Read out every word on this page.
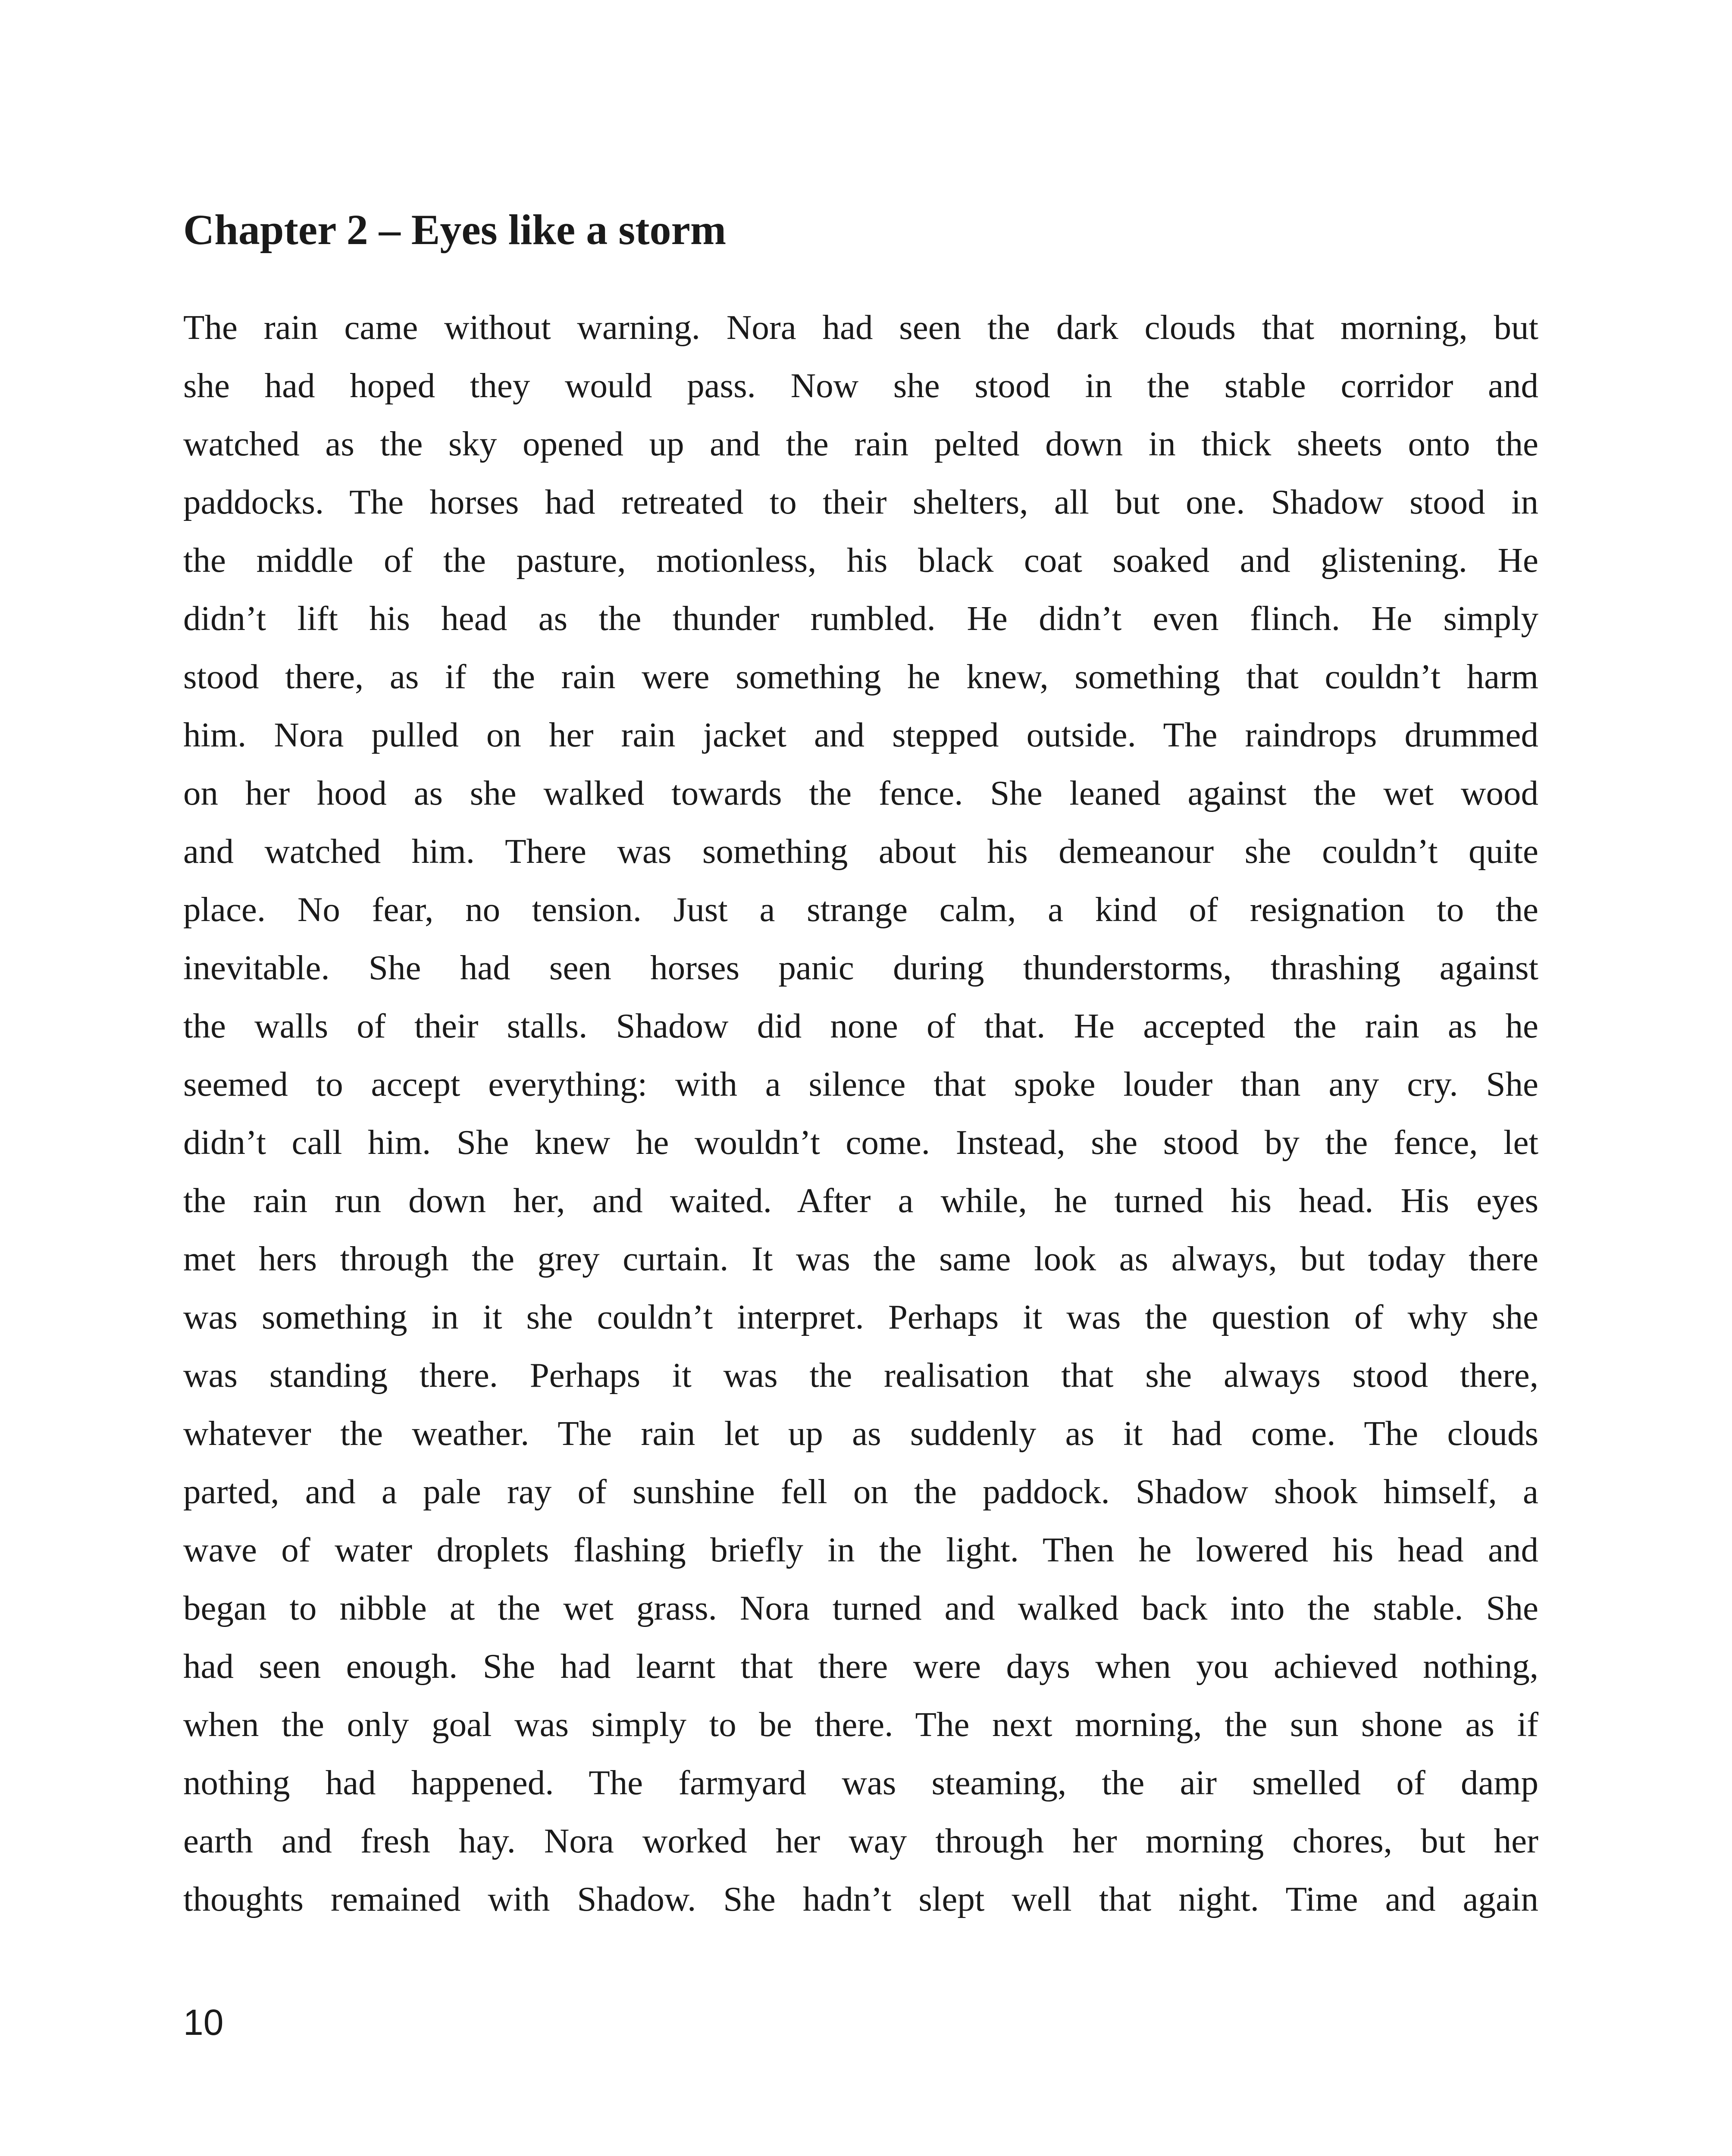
Chapter 2 – Eyes like a storm
The rain came without warning. Nora had seen the dark clouds that morning, but
she had hoped they would pass. Now she stood in the stable corridor and
watched as the sky opened up and the rain pelted down in thick sheets onto the
paddocks. The horses had retreated to their shelters, all but one. Shadow stood in
the middle of the pasture, motionless, his black coat soaked and glistening. He
didn’t lift his head as the thunder rumbled. He didn’t even flinch. He simply
stood there, as if the rain were something he knew, something that couldn’t harm
him. Nora pulled on her rain jacket and stepped outside. The raindrops drummed
on her hood as she walked towards the fence. She leaned against the wet wood
and watched him. There was something about his demeanour she couldn’t quite
place. No fear, no tension. Just a strange calm, a kind of resignation to the
inevitable. She had seen horses panic during thunderstorms, thrashing against
the walls of their stalls. Shadow did none of that. He accepted the rain as he
seemed to accept everything: with a silence that spoke louder than any cry. She
didn’t call him. She knew he wouldn’t come. Instead, she stood by the fence, let
the rain run down her, and waited. After a while, he turned his head. His eyes
met hers through the grey curtain. It was the same look as always, but today there
was something in it she couldn’t interpret. Perhaps it was the question of why she
was standing there. Perhaps it was the realisation that she always stood there,
whatever the weather. The rain let up as suddenly as it had come. The clouds
parted, and a pale ray of sunshine fell on the paddock. Shadow shook himself, a
wave of water droplets flashing briefly in the light. Then he lowered his head and
began to nibble at the wet grass. Nora turned and walked back into the stable. She
had seen enough. She had learnt that there were days when you achieved nothing,
when the only goal was simply to be there. The next morning, the sun shone as if
nothing had happened. The farmyard was steaming, the air smelled of damp
earth and fresh hay. Nora worked her way through her morning chores, but her
thoughts remained with Shadow. She hadn’t slept well that night. Time and again
10
